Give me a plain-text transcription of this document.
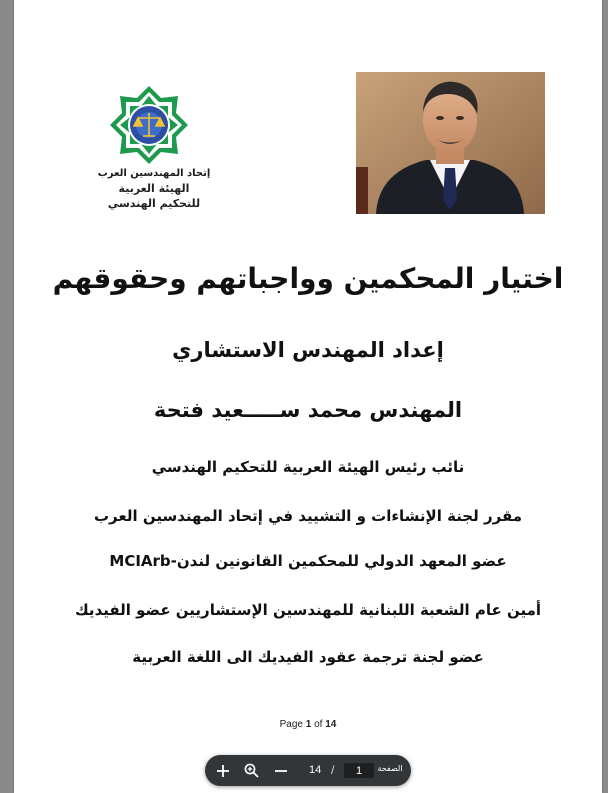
إتحاد المهندسين العرب
الهيئة العربية
للتحكيم الهندسي
اختيار المحكمين وواجباتهم وحقوقهم
إعداد المهندس الاستشاري
المهندس محمد ســـــعيد فتحة
نائب رئيس الهيئة العربية للتحكيم الهندسي
مقرر لجنة الإنشاءات و التشييد في إتحاد المهندسين العرب
عضو المعهد الدولي للمحكمين القانونين لندن-MCIArb
أمين عام الشعبة اللبنانية للمهندسين الإستشاريين عضو الفيديك
عضو لجنة ترجمة عقود الفيديك الى اللغة العربية
Page 1 of 14
14 /
1	الصفحة
